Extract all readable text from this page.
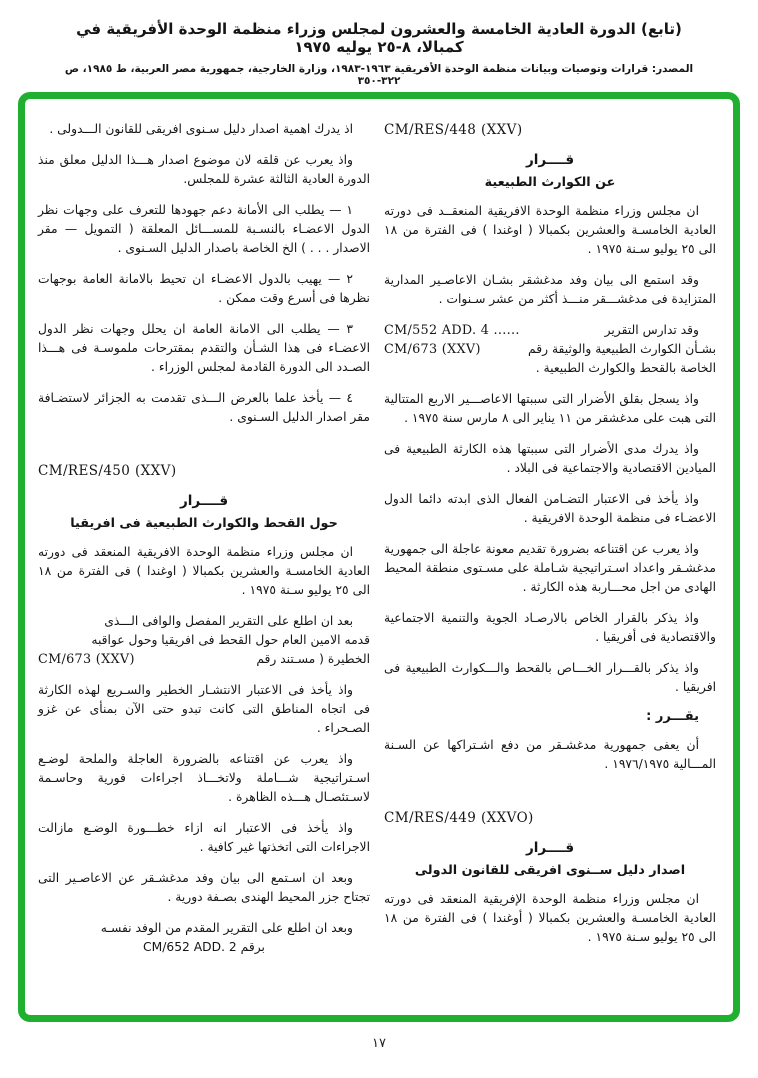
(تابع) الدورة العادية الخامسة والعشرون لمجلس وزراء منظمة الوحدة الأفريقية في كمبالا، ٨-٢٥ يوليه ١٩٧٥
المصدر: قرارات وتوصيات وبيانات منظمة الوحدة الأفريقية ١٩٦٣-١٩٨٣، وزارة الخارجية، جمهورية مصر العربية، ط ١٩٨٥، ص ٣٢٢-٣٥٠
CM/RES/448 (XXV)
قــــرار
عن الكوارث الطبيعية

ان مجلس وزراء منظمة الوحدة الافريقية المنعقــد فى دورته العادية الخامسـة والعشرين بكمبالا ( اوغندا ) فى الفترة من ١٨ الى ٢٥ يوليو سـنة ١٩٧٥ .

وقد استمع الى بيان وفد مدغشقر بشـان الاعاصـير المدارية المتزايدة فى مدغشـــقر منـــذ أكثر من عشر سـنوات .

وقد تدارس التقرير
CM/552 ADD. 4 ......
بشـأن الكوارث الطبيعية والوثيقة رقم
CM/673 (XXV)
الخاصة بالقحط والكوارث الطبيعية .

واذ يسجل بقلق الأضرار التى سببتها الاعاصـــير الاربع المتتالية التى هبت على مدغشقر من ١١ يناير الى ٨ مارس سنة ١٩٧٥ .

واذ يدرك مدى الأضرار التى سببتها هذه الكارثة الطبيعية فى الميادين الاقتصادية والاجتماعية فى البلاد .

واذ يأخذ فى الاعتبار التضـامن الفعال الذى ابدته دائما الدول الاعضـاء فى منظمة الوحدة الافريقية .

واذ يعرب عن اقتناعه بضرورة تقديم معونة عاجلة الى جمهورية مدغشـقر واعداد اسـتراتيجية شـاملة على مسـتوى منطقة المحيط الهادى من اجل محـــاربة هذه الكارثة .

واذ يذكر بالقرار الخاص بالارصـاد الجوية والتنمية الاجتماعية والاقتصادية فى أفريقيا .

واذ يذكر بالقـــرار الخـــاص بالقحط والـــكوارث الطبيعية فى افريقيا .

يقـــرر :

أن يعفى جمهورية مدغشـقر من دفع اشـتراكها عن السـنة المـــالية ١٩٧٦/١٩٧٥ .

CM/RES/449 (XXVO)
قــــرار
اصدار دليل ســنوى افريقى للقانون الدولى

ان مجلس وزراء منظمة الوحدة الإفريقية المنعقد فى دورته العادية الخامسـة والعشرين بكمبالا ( أوغندا ) فى الفترة من ١٨ الى ٢٥ يوليو سـنة ١٩٧٥ .

اذ يدرك اهمية اصدار دليل سـنوى افريقى للقانون الـــدولى .

واذ يعرب عن قلقه لان موضوع اصدار هـــذا الدليل معلق منذ الدورة العادية الثالثة عشرة للمجلس.

١ — يطلب الى الأمانة دعم جهودها للتعرف على وجهات نظر الدول الاعضـاء بالنسـبة للمســـائل المعلقة ( التمويل — مقر الاصدار . . . ) الخ الخاصة باصدار الدليل السـنوى .

٢ — يهيب بالدول الاعضـاء ان تحيط بالامانة العامة بوجهات نظرها فى أسرع وقت ممكن .

٣ — يطلب الى الامانة العامة ان يحلل وجهات نظر الدول الاعضـاء فى هذا الشـأن والتقدم بمقترحات ملموسـة فى هـــذا الصـدد الى الدورة القادمة لمجلس الوزراء .

٤ — يأخذ علما بالعرض الـــذى تقدمت به الجزائر لاستضـافة مقر اصدار الدليل السـنوى .

CM/RES/450 (XXV)
قــــرار
حول القحط والكوارث الطبيعية فى افريقيا

ان مجلس وزراء منظمة الوحدة الافريقية المنعقد فى دورته العادية الخامسـة والعشرين بكمبالا ( اوغندا ) فى الفترة من ١٨ الى ٢٥ يوليو سـنة ١٩٧٥ .

بعد ان اطلع على التقرير المفصل والوافى الـــذى
قدمه الامين العام حول القحط فى افريقيا وحول عواقبه
الخطيرة ( مسـتند رقم
CM/673 (XXV)

واذ يأخذ فى الاعتبار الانتشـار الخطير والسـريع لهذه الكارثة فى اتجاه المناطق التى كانت تبدو حتى الآن بمنأى عن غزو الصـحراء .

واذ يعرب عن اقتناعه بالضرورة العاجلة والملحة لوضـع اسـتراتيجية شـــاملة ولاتخـــاذ اجراءات فورية وحاسـمة لاسـتئصـال هـــذه الظاهرة .

واذ يأخذ فى الاعتبار انه ازاء خطـــورة الوضـع مازالت الاجراءات التى اتخذتها غير كافية .

وبعد ان اسـتمع الى بيان وفد مدغشـقر عن الاعاصـير التى تجتاح جزر المحيط الهندى بصـفة دورية .

وبعد ان اطلع على التقرير المقدم من الوفد نفسـه
برقم CM/652 ADD. 2
١٧
